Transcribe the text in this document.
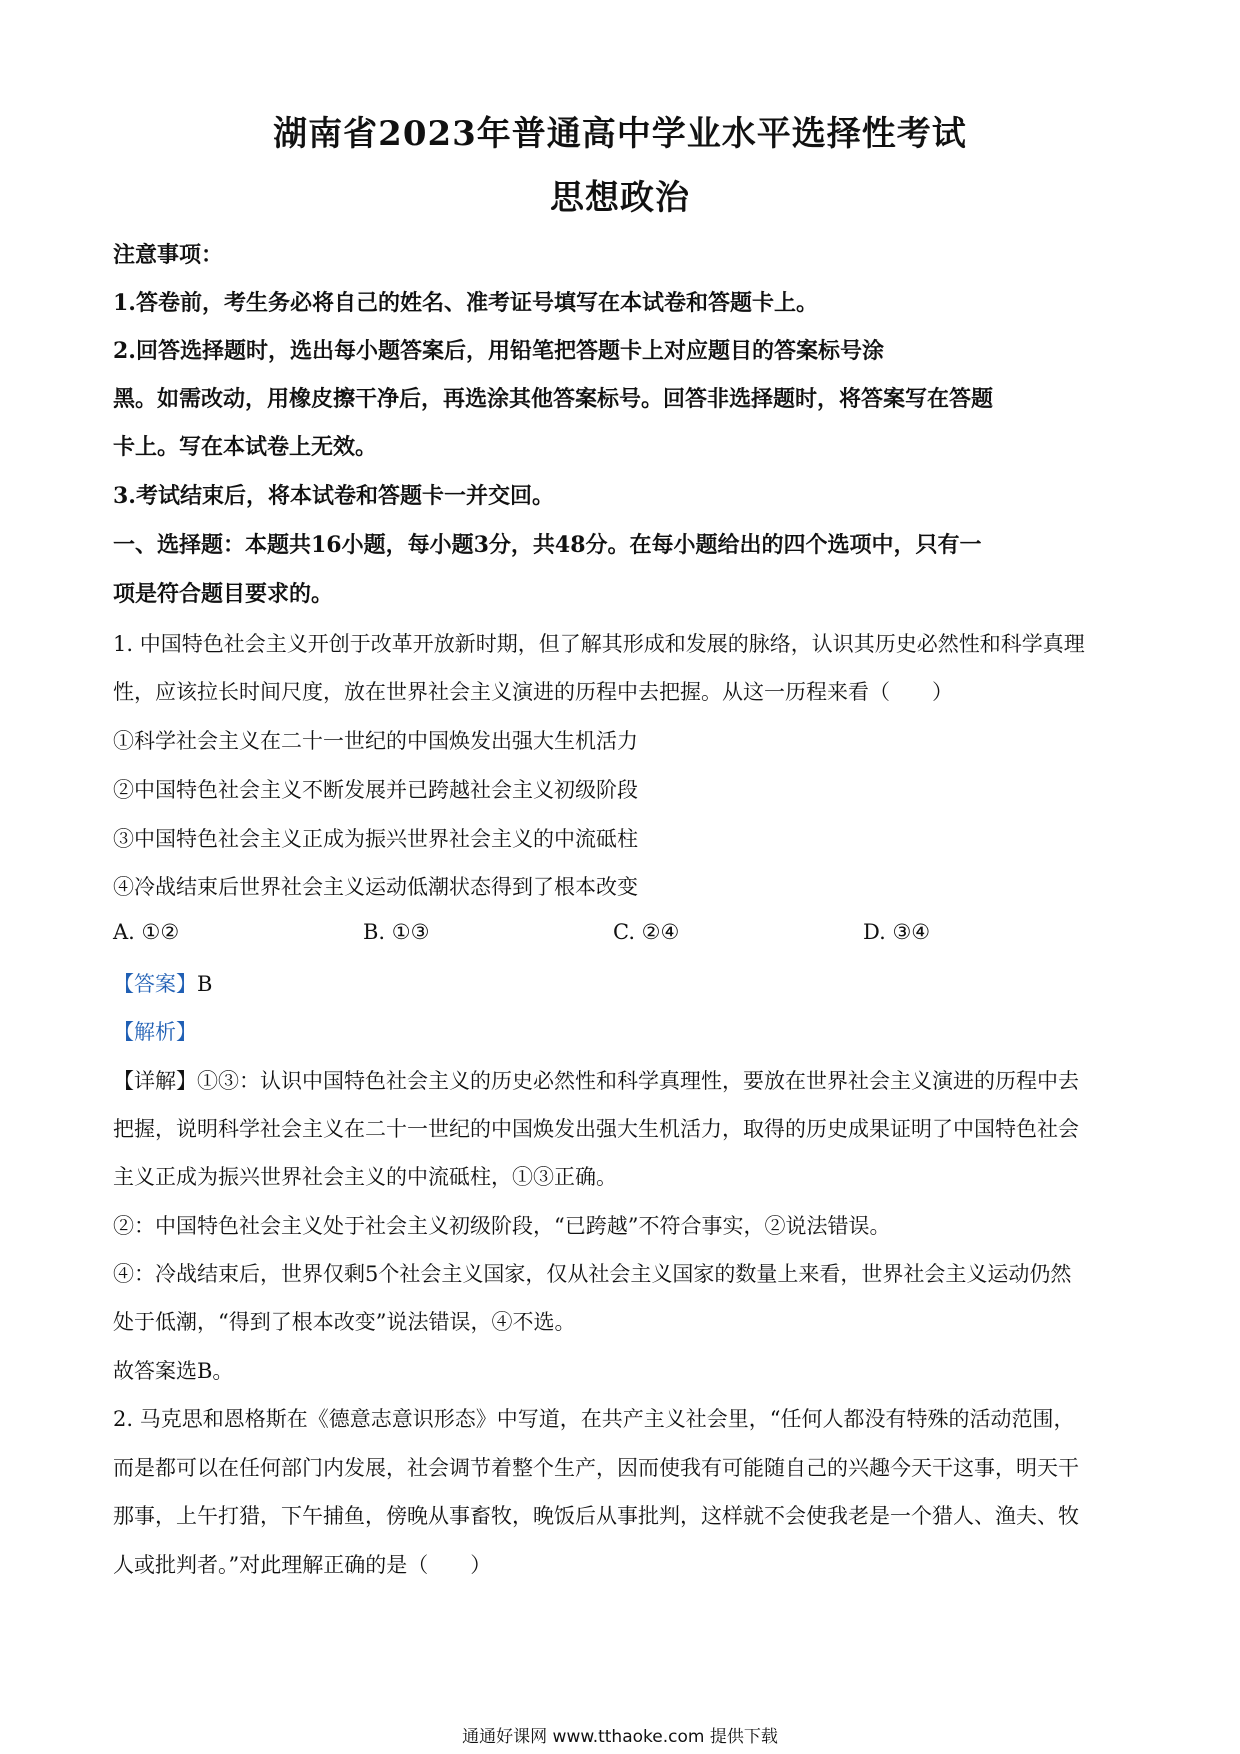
湖南省2023年普通高中学业水平选择性考试
思想政治
注意事项：
1.答卷前，考生务必将自己的姓名、准考证号填写在本试卷和答题卡上。
2.回答选择题时，选出每小题答案后，用铅笔把答题卡上对应题目的答案标号涂
黑。如需改动，用橡皮擦干净后，再选涂其他答案标号。回答非选择题时，将答案写在答题
卡上。写在本试卷上无效。
3.考试结束后，将本试卷和答题卡一并交回。
一、选择题：本题共16小题，每小题3分，共48分。在每小题给出的四个选项中，只有一
项是符合题目要求的。
1. 中国特色社会主义开创于改革开放新时期，但了解其形成和发展的脉络，认识其历史必然性和科学真理
性，应该拉长时间尺度，放在世界社会主义演进的历程中去把握。从这一历程来看（　　）
①科学社会主义在二十一世纪的中国焕发出强大生机活力
②中国特色社会主义不断发展并已跨越社会主义初级阶段
③中国特色社会主义正成为振兴世界社会主义的中流砥柱
④冷战结束后世界社会主义运动低潮状态得到了根本改变
A. ①②	B. ①③	C. ②④	D. ③④
【答案】B
【解析】
【详解】①③：认识中国特色社会主义的历史必然性和科学真理性，要放在世界社会主义演进的历程中去
把握，说明科学社会主义在二十一世纪的中国焕发出强大生机活力，取得的历史成果证明了中国特色社会
主义正成为振兴世界社会主义的中流砥柱，①③正确。
②：中国特色社会主义处于社会主义初级阶段，“已跨越”不符合事实，②说法错误。
④：冷战结束后，世界仅剩5个社会主义国家，仅从社会主义国家的数量上来看，世界社会主义运动仍然
处于低潮，“得到了根本改变”说法错误，④不选。
故答案选B。
2. 马克思和恩格斯在《德意志意识形态》中写道，在共产主义社会里，“任何人都没有特殊的活动范围，
而是都可以在任何部门内发展，社会调节着整个生产，因而使我有可能随自己的兴趣今天干这事，明天干
那事，上午打猎，下午捕鱼，傍晚从事畜牧，晚饭后从事批判，这样就不会使我老是一个猎人、渔夫、牧
人或批判者。”对此理解正确的是（　　）
通通好课网 www.tthaoke.com 提供下载
